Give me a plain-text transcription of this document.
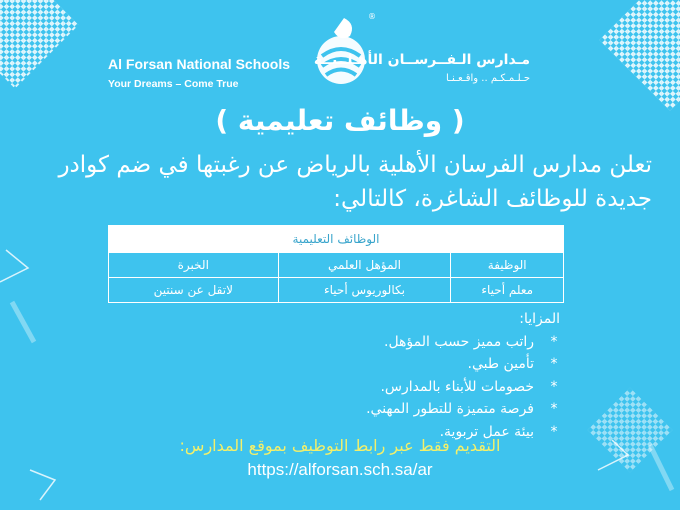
Al Forsan National Schools
Your Dreams – Come True
®
مـدارس الـفــرســان الأهـلــيــة
حـلـمـكـم .. واقـعـنـا
( وظائف تعليمية )
تعلن مدارس الفرسان الأهلية بالرياض عن رغبتها في ضم كوادر جديدة للوظائف الشاغرة، كالتالي:
الوظائف التعليمية		
الوظيفة	المؤهل العلمي	الخبرة
معلم أحياء	بكالوريوس أحياء	لاتقل عن سنتين
المزايا:
*
راتب مميز حسب المؤهل.
*
تأمين طبي.
*
خصومات للأبناء بالمدارس.
*
فرصة متميزة للتطور المهني.
*
بيئة عمل تربوية.
التقديم فقط عبر رابط التوظيف بموقع المدارس:
https://alforsan.sch.sa/ar
